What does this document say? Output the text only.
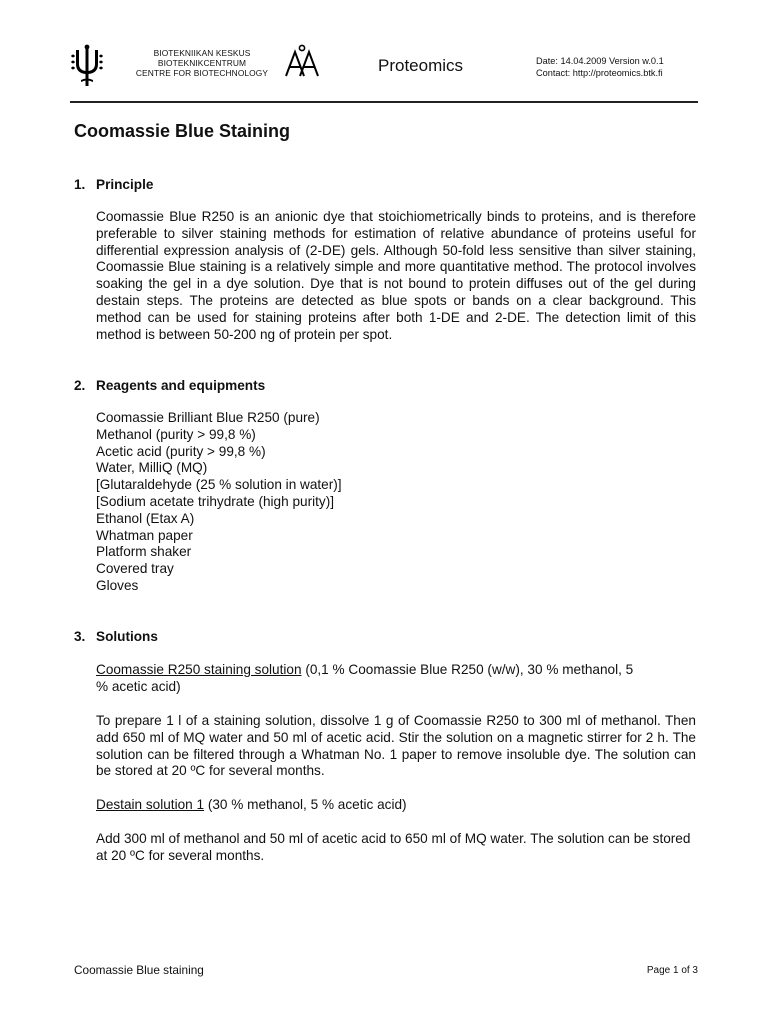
BIOTEKNIIKAN KESKUS
BIOTEKNIKCENTRUM
CENTRE FOR BIOTECHNOLOGY	Proteomics	Date: 14.04.2009 Version w.0.1
Contact: http://proteomics.btk.fi
Coomassie Blue Staining
1. Principle
Coomassie Blue R250 is an anionic dye that stoichiometrically binds to proteins, and is therefore preferable to silver staining methods for estimation of relative abundance of proteins useful for differential expression analysis of (2-DE) gels. Although 50-fold less sensitive than silver staining, Coomassie Blue staining is a relatively simple and more quantitative method. The protocol involves soaking the gel in a dye solution. Dye that is not bound to protein diffuses out of the gel during destain steps. The proteins are detected as blue spots or bands on a clear background. This method can be used for staining proteins after both 1-DE and 2-DE. The detection limit of this method is between 50-200 ng of protein per spot.
2. Reagents and equipments
Coomassie Brilliant Blue R250 (pure)
Methanol (purity > 99,8 %)
Acetic acid (purity > 99,8 %)
Water, MilliQ (MQ)
[Glutaraldehyde (25 % solution in water)]
[Sodium acetate trihydrate (high purity)]
Ethanol (Etax A)
Whatman paper
Platform shaker
Covered tray
Gloves
3. Solutions
Coomassie R250 staining solution (0,1 % Coomassie Blue R250 (w/w), 30 % methanol, 5 % acetic acid)
To prepare 1 l of a staining solution, dissolve 1 g of Coomassie R250 to 300 ml of methanol. Then add 650 ml of MQ water and 50 ml of acetic acid. Stir the solution on a magnetic stirrer for 2 h. The solution can be filtered through a Whatman No. 1 paper to remove insoluble dye. The solution can be stored at 20 ºC for several months.
Destain solution 1 (30 % methanol, 5 % acetic acid)
Add 300 ml of methanol and 50 ml of acetic acid to 650 ml of MQ water. The solution can be stored at 20 ºC for several months.
Coomassie Blue staining	Page 1 of 3
